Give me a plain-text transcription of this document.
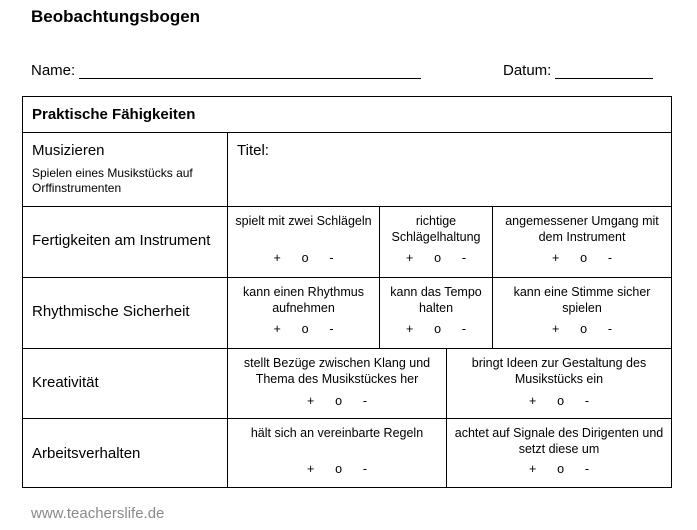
Beobachtungsbogen
Name:	Datum:
Praktische Fähigkeiten
Musizieren
Spielen eines Musikstücks auf Orffinstrumenten
Titel:
Fertigkeiten am Instrument
spielt mit zwei Schlägeln
+      o      -
richtige Schlägelhaltung
+      o      -
angemessener Umgang mit dem Instrument
+      o      -
Rhythmische Sicherheit
kann einen Rhythmus aufnehmen
+      o      -
kann das Tempo halten
+      o      -
kann eine Stimme sicher spielen
+      o      -
Kreativität
stellt Bezüge zwischen Klang und Thema des Musikstückes her
+      o      -
bringt Ideen zur Gestaltung des Musikstücks ein
+      o      -
Arbeitsverhalten
hält sich an vereinbarte Regeln
+      o      -
achtet auf Signale des Dirigenten und setzt diese um
+      o      -
www.teacherslife.de
